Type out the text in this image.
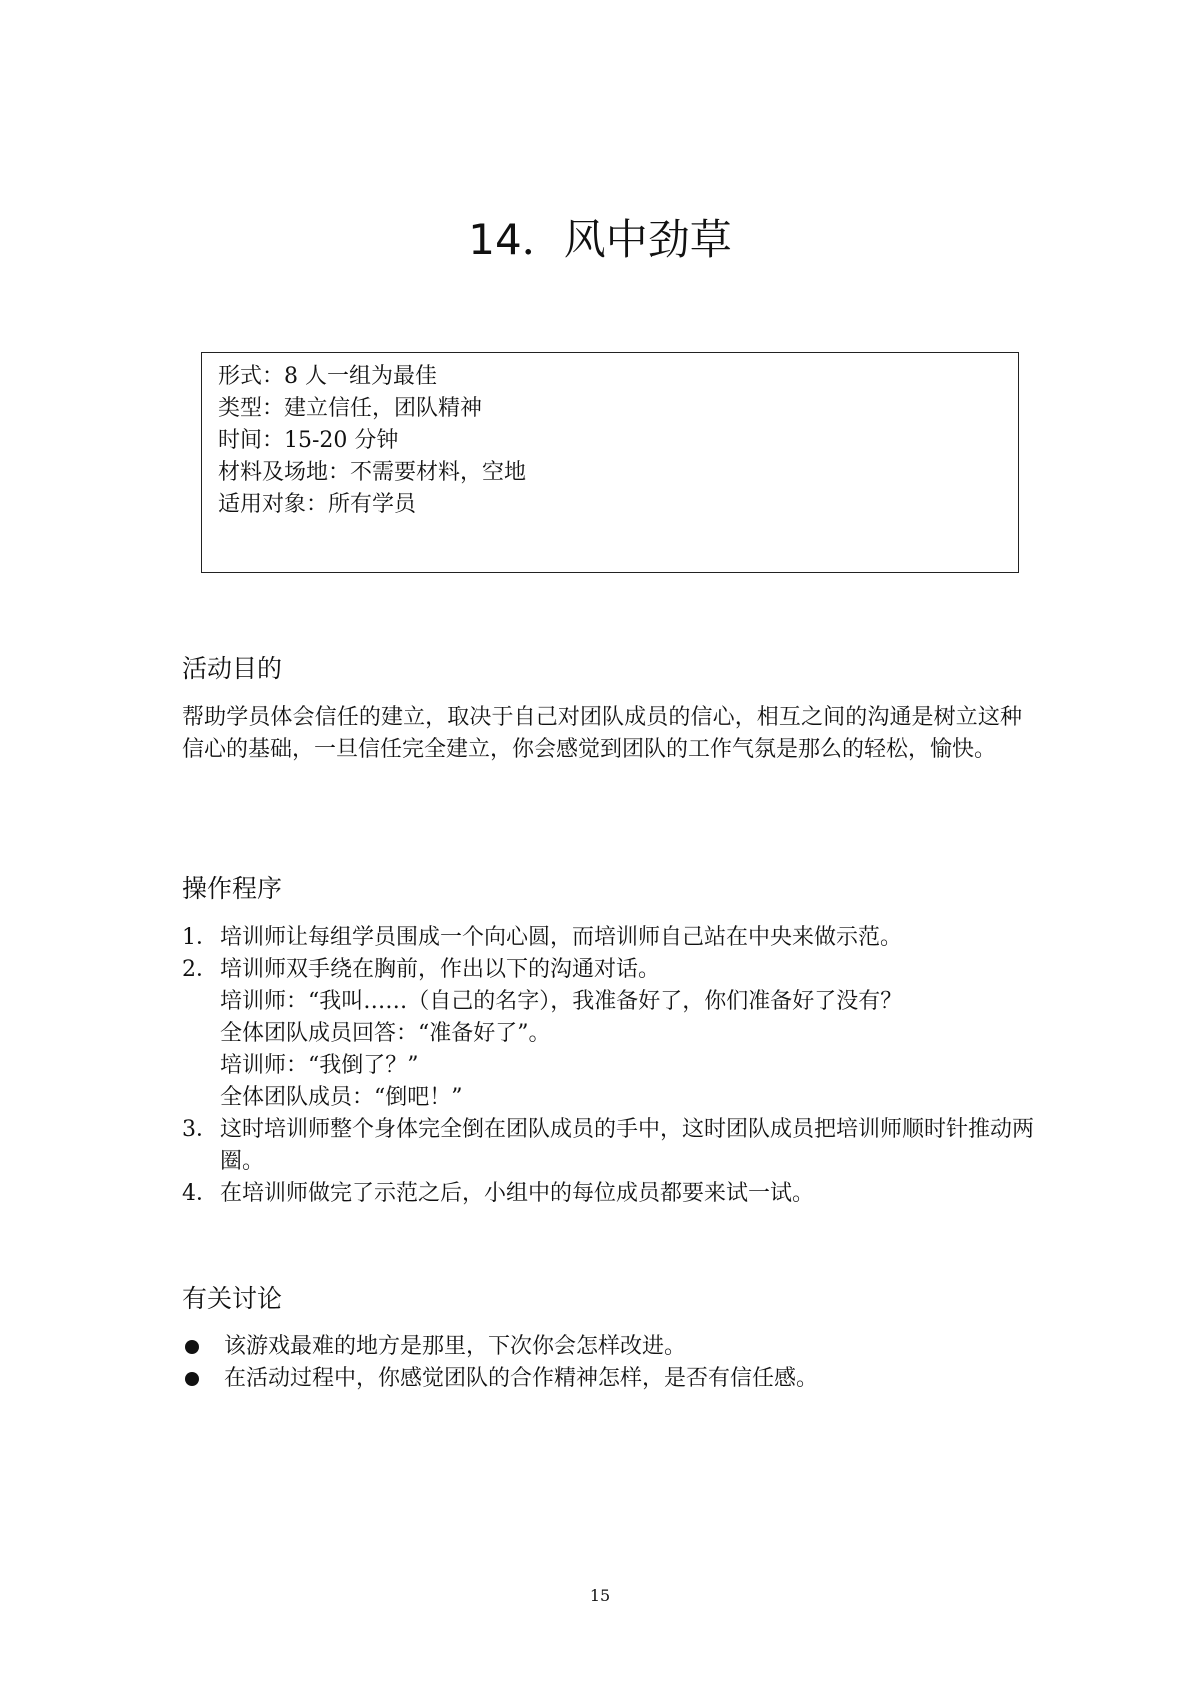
14．风中劲草
形式：8 人一组为最佳
类型：建立信任，团队精神
时间：15-20 分钟
材料及场地：不需要材料，空地
适用对象：所有学员
活动目的
帮助学员体会信任的建立，取决于自己对团队成员的信心，相互之间的沟通是树立这种信心的基础，一旦信任完全建立，你会感觉到团队的工作气氛是那么的轻松，愉快。
操作程序
1． 培训师让每组学员围成一个向心圆，而培训师自己站在中央来做示范。
2． 培训师双手绕在胸前，作出以下的沟通对话。
培训师：“我叫……（自己的名字），我准备好了，你们准备好了没有？
全体团队成员回答：“准备好了”。
培训师：“我倒了？”
全体团队成员：“倒吧！”
3． 这时培训师整个身体完全倒在团队成员的手中，这时团队成员把培训师顺时针推动两圈。
4． 在培训师做完了示范之后，小组中的每位成员都要来试一试。
有关讨论
该游戏最难的地方是那里，下次你会怎样改进。
在活动过程中，你感觉团队的合作精神怎样，是否有信任感。
15
